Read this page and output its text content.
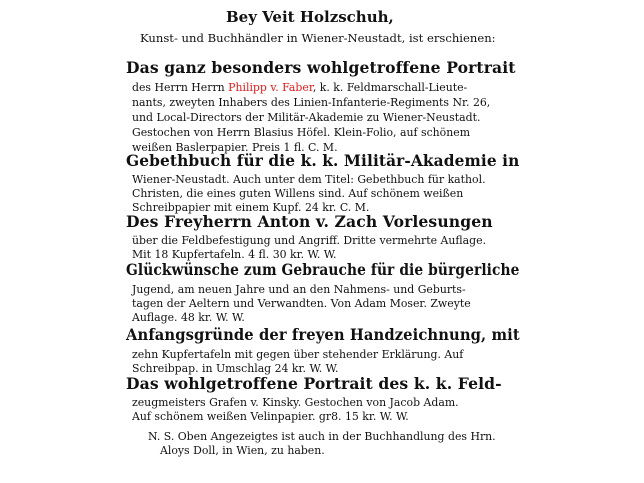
Bey Veit Holzschuh,
Kunst- und Buchhändler in Wiener-Neustadt, ist erschienen:
Das ganz besonders wohlgetroffene Portrait
des Herrn Herrn Philipp v. Faber, k. k. Feldmarschall-Lieute-
nants, zweyten Inhabers des Linien-Infanterie-Regiments Nr. 26,
und Local-Directors der Militär-Akademie zu Wiener-Neustadt.
Gestochen von Herrn Blasius Höfel. Klein-Folio, auf schönem
weißen Baslerpapier. Preis 1 fl. C. M.
Gebethbuch für die k. k. Militär-Akademie in
Wiener-Neustadt. Auch unter dem Titel: Gebethbuch für kathol.
Christen, die eines guten Willens sind. Auf schönem weißen
Schreibpapier mit einem Kupf. 24 kr. C. M.
Des Freyherrn Anton v. Zach Vorlesungen
über die Feldbefestigung und Angriff. Dritte vermehrte Auflage.
Mit 18 Kupfertafeln. 4 fl. 30 kr. W. W.
Glückwünsche zum Gebrauche für die bürgerliche
Jugend, am neuen Jahre und an den Nahmens- und Geburts-
tagen der Aeltern und Verwandten. Von Adam Moser. Zweyte
Auflage. 48 kr. W. W.
Anfangsgründe der freyen Handzeichnung, mit
zehn Kupfertafeln mit gegen über stehender Erklärung. Auf
Schreibpap. in Umschlag 24 kr. W. W.
Das wohlgetroffene Portrait des k. k. Feld-
zeugmeisters Grafen v. Kinsky. Gestochen von Jacob Adam.
Auf schönem weißen Velinpapier. gr8. 15 kr. W. W.
N. S. Oben Angezeigtes ist auch in der Buchhandlung des Hrn.
Aloys Doll, in Wien, zu haben.
